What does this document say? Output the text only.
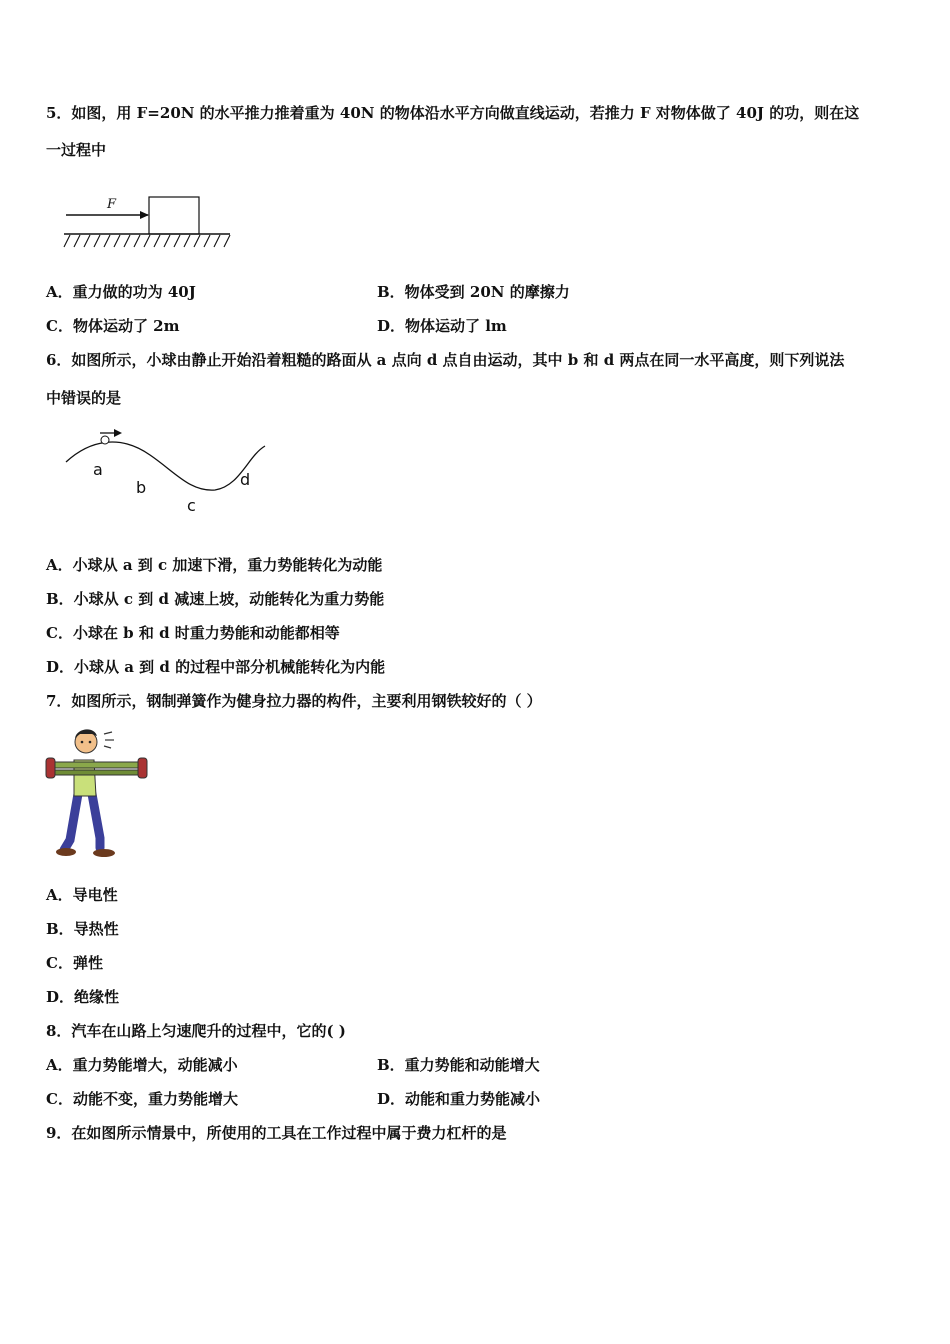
5．如图，用 F=20N 的水平推力推着重为 40N 的物体沿水平方向做直线运动，若推力 F 对物体做了 40J 的功，则在这
一过程中
F
A．重力做的功为 40J	B．物体受到 20N 的摩擦力
C．物体运动了 2m	D．物体运动了 lm
6．如图所示，小球由静止开始沿着粗糙的路面从 a 点向 d 点自由运动，其中 b 和 d 两点在同一水平高度，则下列说法
中错误的是
a
b
c
d
A．小球从 a 到 c 加速下滑，重力势能转化为动能
B．小球从 c 到 d 减速上坡，动能转化为重力势能
C．小球在 b 和 d 时重力势能和动能都相等
D．小球从 a 到 d 的过程中部分机械能转化为内能
7．如图所示，钢制弹簧作为健身拉力器的构件，主要利用钢铁较好的（ ）
A．导电性
B．导热性
C．弹性
D．绝缘性
8．汽车在山路上匀速爬升的过程中，它的( )
A．重力势能增大，动能减小	B．重力势能和动能增大
C．动能不变，重力势能增大	D．动能和重力势能减小
9．在如图所示情景中，所使用的工具在工作过程中属于费力杠杆的是
